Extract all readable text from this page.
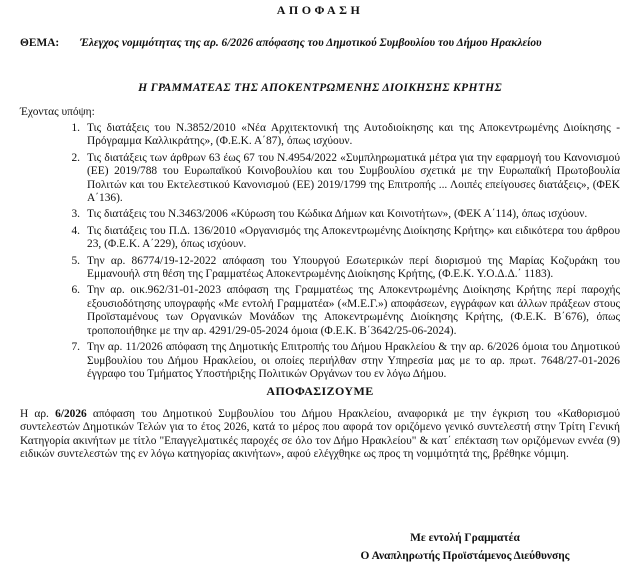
ΑΠΟΦΑΣΗ
ΘΕΜΑ:	Έλεγχος νομιμότητας της αρ. 6/2026 απόφασης του Δημοτικού Συμβουλίου του Δήμου Ηρακλείου
Η ΓΡΑΜΜΑΤΕΑΣ ΤΗΣ ΑΠΟΚΕΝΤΡΩΜΕΝΗΣ ΔΙΟΙΚΗΣΗΣ ΚΡΗΤΗΣ
Έχοντας υπόψη:
1. Τις διατάξεις του Ν.3852/2010 «Νέα Αρχιτεκτονική της Αυτοδιοίκησης και της Αποκεντρωμένης Διοίκησης - Πρόγραμμα Καλλικράτης», (Φ.Ε.Κ. Α΄87), όπως ισχύουν.
2. Τις διατάξεις των άρθρων 63 έως 67 του Ν.4954/2022 «Συμπληρωματικά μέτρα για την εφαρμογή του Κανονισμού (ΕΕ) 2019/788 του Ευρωπαϊκού Κοινοβουλίου και του Συμβουλίου σχετικά με την Ευρωπαϊκή Πρωτοβουλία Πολιτών και του Εκτελεστικού Κανονισμού (ΕΕ) 2019/1799 της Επιτροπής ... Λοιπές επείγουσες διατάξεις», (ΦΕΚ Α΄136).
3. Τις διατάξεις του Ν.3463/2006 «Κύρωση του Κώδικα Δήμων και Κοινοτήτων», (ΦΕΚ Α΄114), όπως ισχύουν.
4. Τις διατάξεις του Π.Δ. 136/2010 «Οργανισμός της Αποκεντρωμένης Διοίκησης Κρήτης» και ειδικότερα του άρθρου 23, (Φ.Ε.Κ. Α΄229), όπως ισχύουν.
5. Την αρ. 86774/19-12-2022 απόφαση του Υπουργού Εσωτερικών περί διορισμού της Μαρίας Κοζυράκη του Εμμανουήλ στη θέση της Γραμματέως Αποκεντρωμένης Διοίκησης Κρήτης, (Φ.Ε.Κ. Υ.Ο.Δ.Δ.΄ 1183).
6. Την αρ. οικ.962/31-01-2023 απόφαση της Γραμματέως της Αποκεντρωμένης Διοίκησης Κρήτης περί παροχής εξουσιοδότησης υπογραφής «Με εντολή Γραμματέα» («Μ.Ε.Γ.») αποφάσεων, εγγράφων και άλλων πράξεων στους Προϊσταμένους των Οργανικών Μονάδων της Αποκεντρωμένης Διοίκησης Κρήτης, (Φ.Ε.Κ. Β΄676), όπως τροποποιήθηκε με την αρ. 4291/29-05-2024 όμοια (Φ.Ε.Κ. Β΄3642/25-06-2024).
7. Την αρ. 11/2026 απόφαση της Δημοτικής Επιτροπής του Δήμου Ηρακλείου & την αρ. 6/2026 όμοια του Δημοτικού Συμβουλίου του Δήμου Ηρακλείου, οι οποίες περιήλθαν στην Υπηρεσία μας με το αρ. πρωτ. 7648/27-01-2026 έγγραφο του Τμήματος Υποστήριξης Πολιτικών Οργάνων του εν λόγω Δήμου.
ΑΠΟΦΑΣΙΖΟΥΜΕ
Η αρ. 6/2026 απόφαση του Δημοτικού Συμβουλίου του Δήμου Ηρακλείου, αναφορικά με την έγκριση του «Καθορισμού συντελεστών Δημοτικών Τελών για το έτος 2026, κατά το μέρος που αφορά τον οριζόμενο γενικό συντελεστή στην Τρίτη Γενική Κατηγορία ακινήτων με τίτλο "Επαγγελματικές παροχές σε όλο τον Δήμο Ηρακλείου" & κατ΄ επέκταση των οριζόμενων εννέα (9) ειδικών συντελεστών της εν λόγω κατηγορίας ακινήτων», αφού ελέγχθηκε ως προς τη νομιμότητά της, βρέθηκε νόμιμη.
Με εντολή Γραμματέα
Ο Αναπληρωτής Προϊστάμενος Διεύθυνσης
